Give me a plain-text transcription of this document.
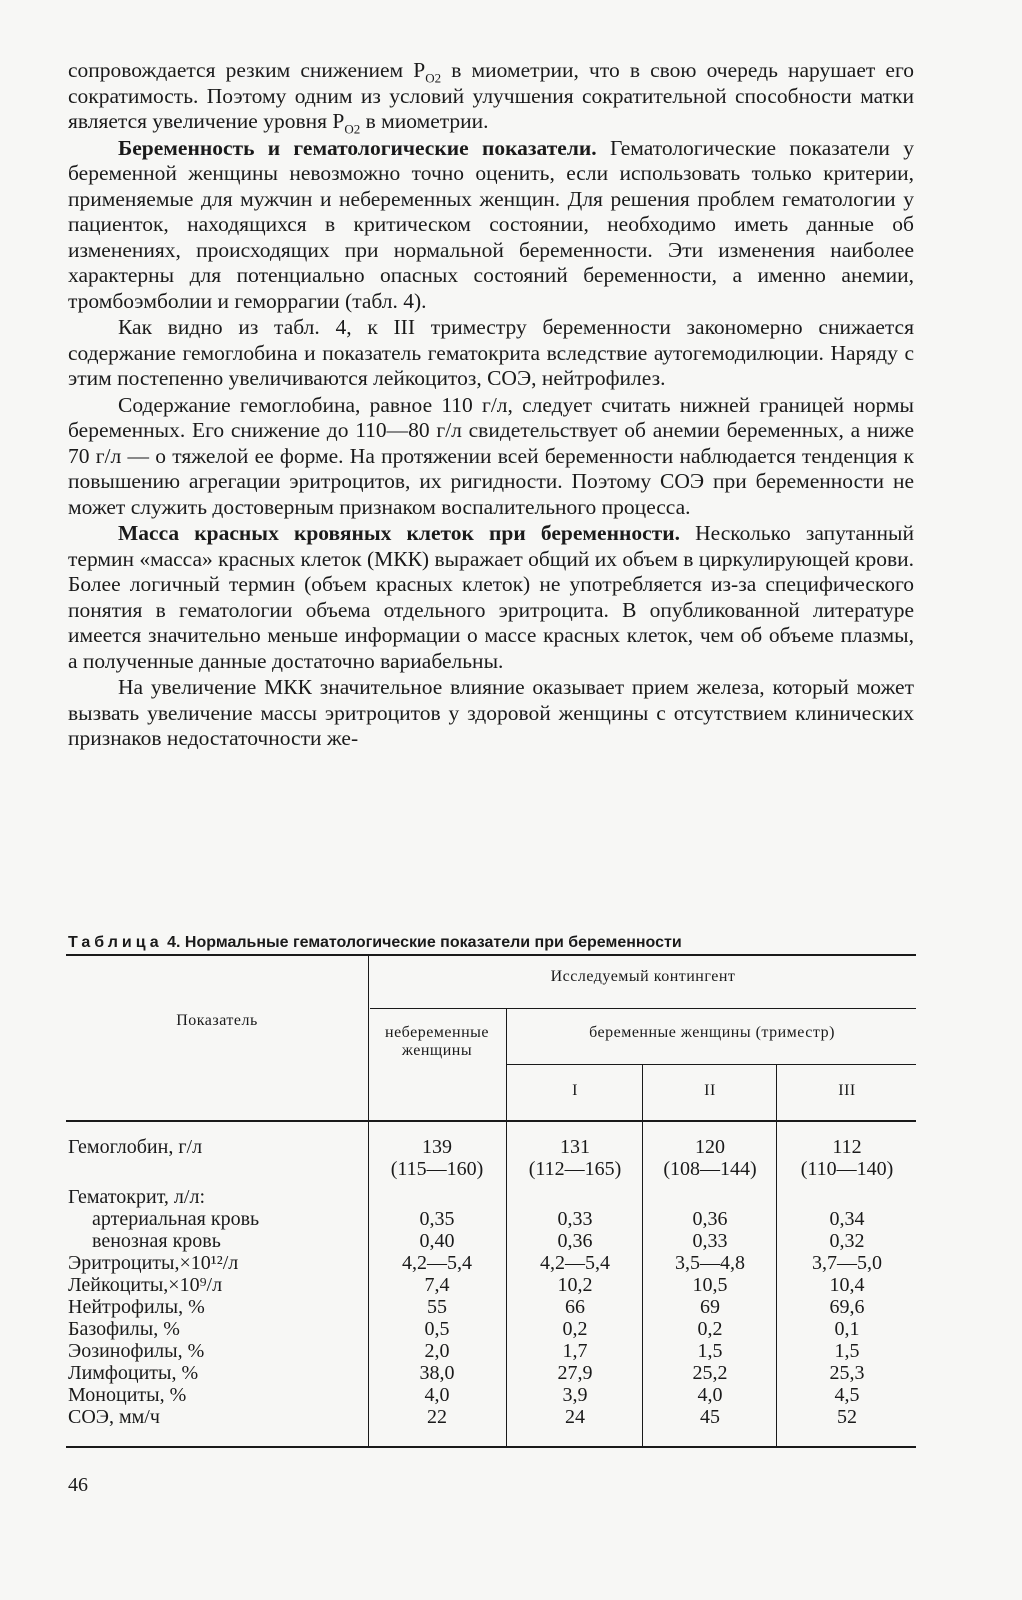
сопровождается резким снижением $P_{O2}$ в миометрии, что в свою очередь нарушает его сократимость. Поэтому одним из условий улучшения сократительной способности матки является увеличение уровня $P_{O2}$ в миометрии.

Беременность и гематологические показатели. Гематологические показатели у беременной женщины невозможно точно оценить, если использовать только критерии, применяемые для мужчин и небеременных женщин. Для решения проблем гематологии у пациенток, находящихся в критическом состоянии, необходимо иметь данные об изменениях, происходящих при нормальной беременности. Эти изменения наиболее характерны для потенциально опасных состояний беременности, а именно анемии, тромбоэмболии и геморрагии (табл. 4).

Как видно из табл. 4, к III триместру беременности закономерно снижается содержание гемоглобина и показатель гематокрита вследствие аутогемодилюции. Наряду с этим постепенно увеличиваются лейкоцитоз, СОЭ, нейтрофилез.

Содержание гемоглобина, равное 110 г/л, следует считать нижней границей нормы беременных. Его снижение до 110—80 г/л свидетельствует об анемии беременных, а ниже 70 г/л — о тяжелой ее форме. На протяжении всей беременности наблюдается тенденция к повышению агрегации эритроцитов, их ригидности. Поэтому СОЭ при беременности не может служить достоверным признаком воспалительного процесса.

Масса красных кровяных клеток при беременности. Несколько запутанный термин «масса» красных клеток (МКК) выражает общий их объем в циркулирующей крови. Более логичный термин (объем красных клеток) не употребляется из-за специфического понятия в гематологии объема отдельного эритроцита. В опубликованной литературе имеется значительно меньше информации о массе красных клеток, чем об объеме плазмы, а полученные данные достаточно вариабельны.

На увеличение МКК значительное влияние оказывает прием железа, который может вызвать увеличение массы эритроцитов у здоровой женщины с отсутствием клинических признаков недостаточности же-

Таблица 4. Нормальные гематологические показатели при беременности
Показатель
Исследуемый контингент
небеременные женщины
беременные женщины (триместр)
I	II	III
Гемоглобин, г/л	139	131	120	112
(115—160)	(112—165)	(108—144)	(110—140)
Гематокрит, л/л:
артериальная кровь	0,35	0,33	0,36	0,34
венозная кровь	0,40	0,36	0,33	0,32
Эритроциты,×10¹²/л	4,2—5,4	4,2—5,4	3,5—4,8	3,7—5,0
Лейкоциты,×10⁹/л	7,4	10,2	10,5	10,4
Нейтрофилы, %	55	66	69	69,6
Базофилы, %	0,5	0,2	0,2	0,1
Эозинофилы, %	2,0	1,7	1,5	1,5
Лимфоциты, %	38,0	27,9	25,2	25,3
Моноциты, %	4,0	3,9	4,0	4,5
СОЭ, мм/ч	22	24	45	52
46
